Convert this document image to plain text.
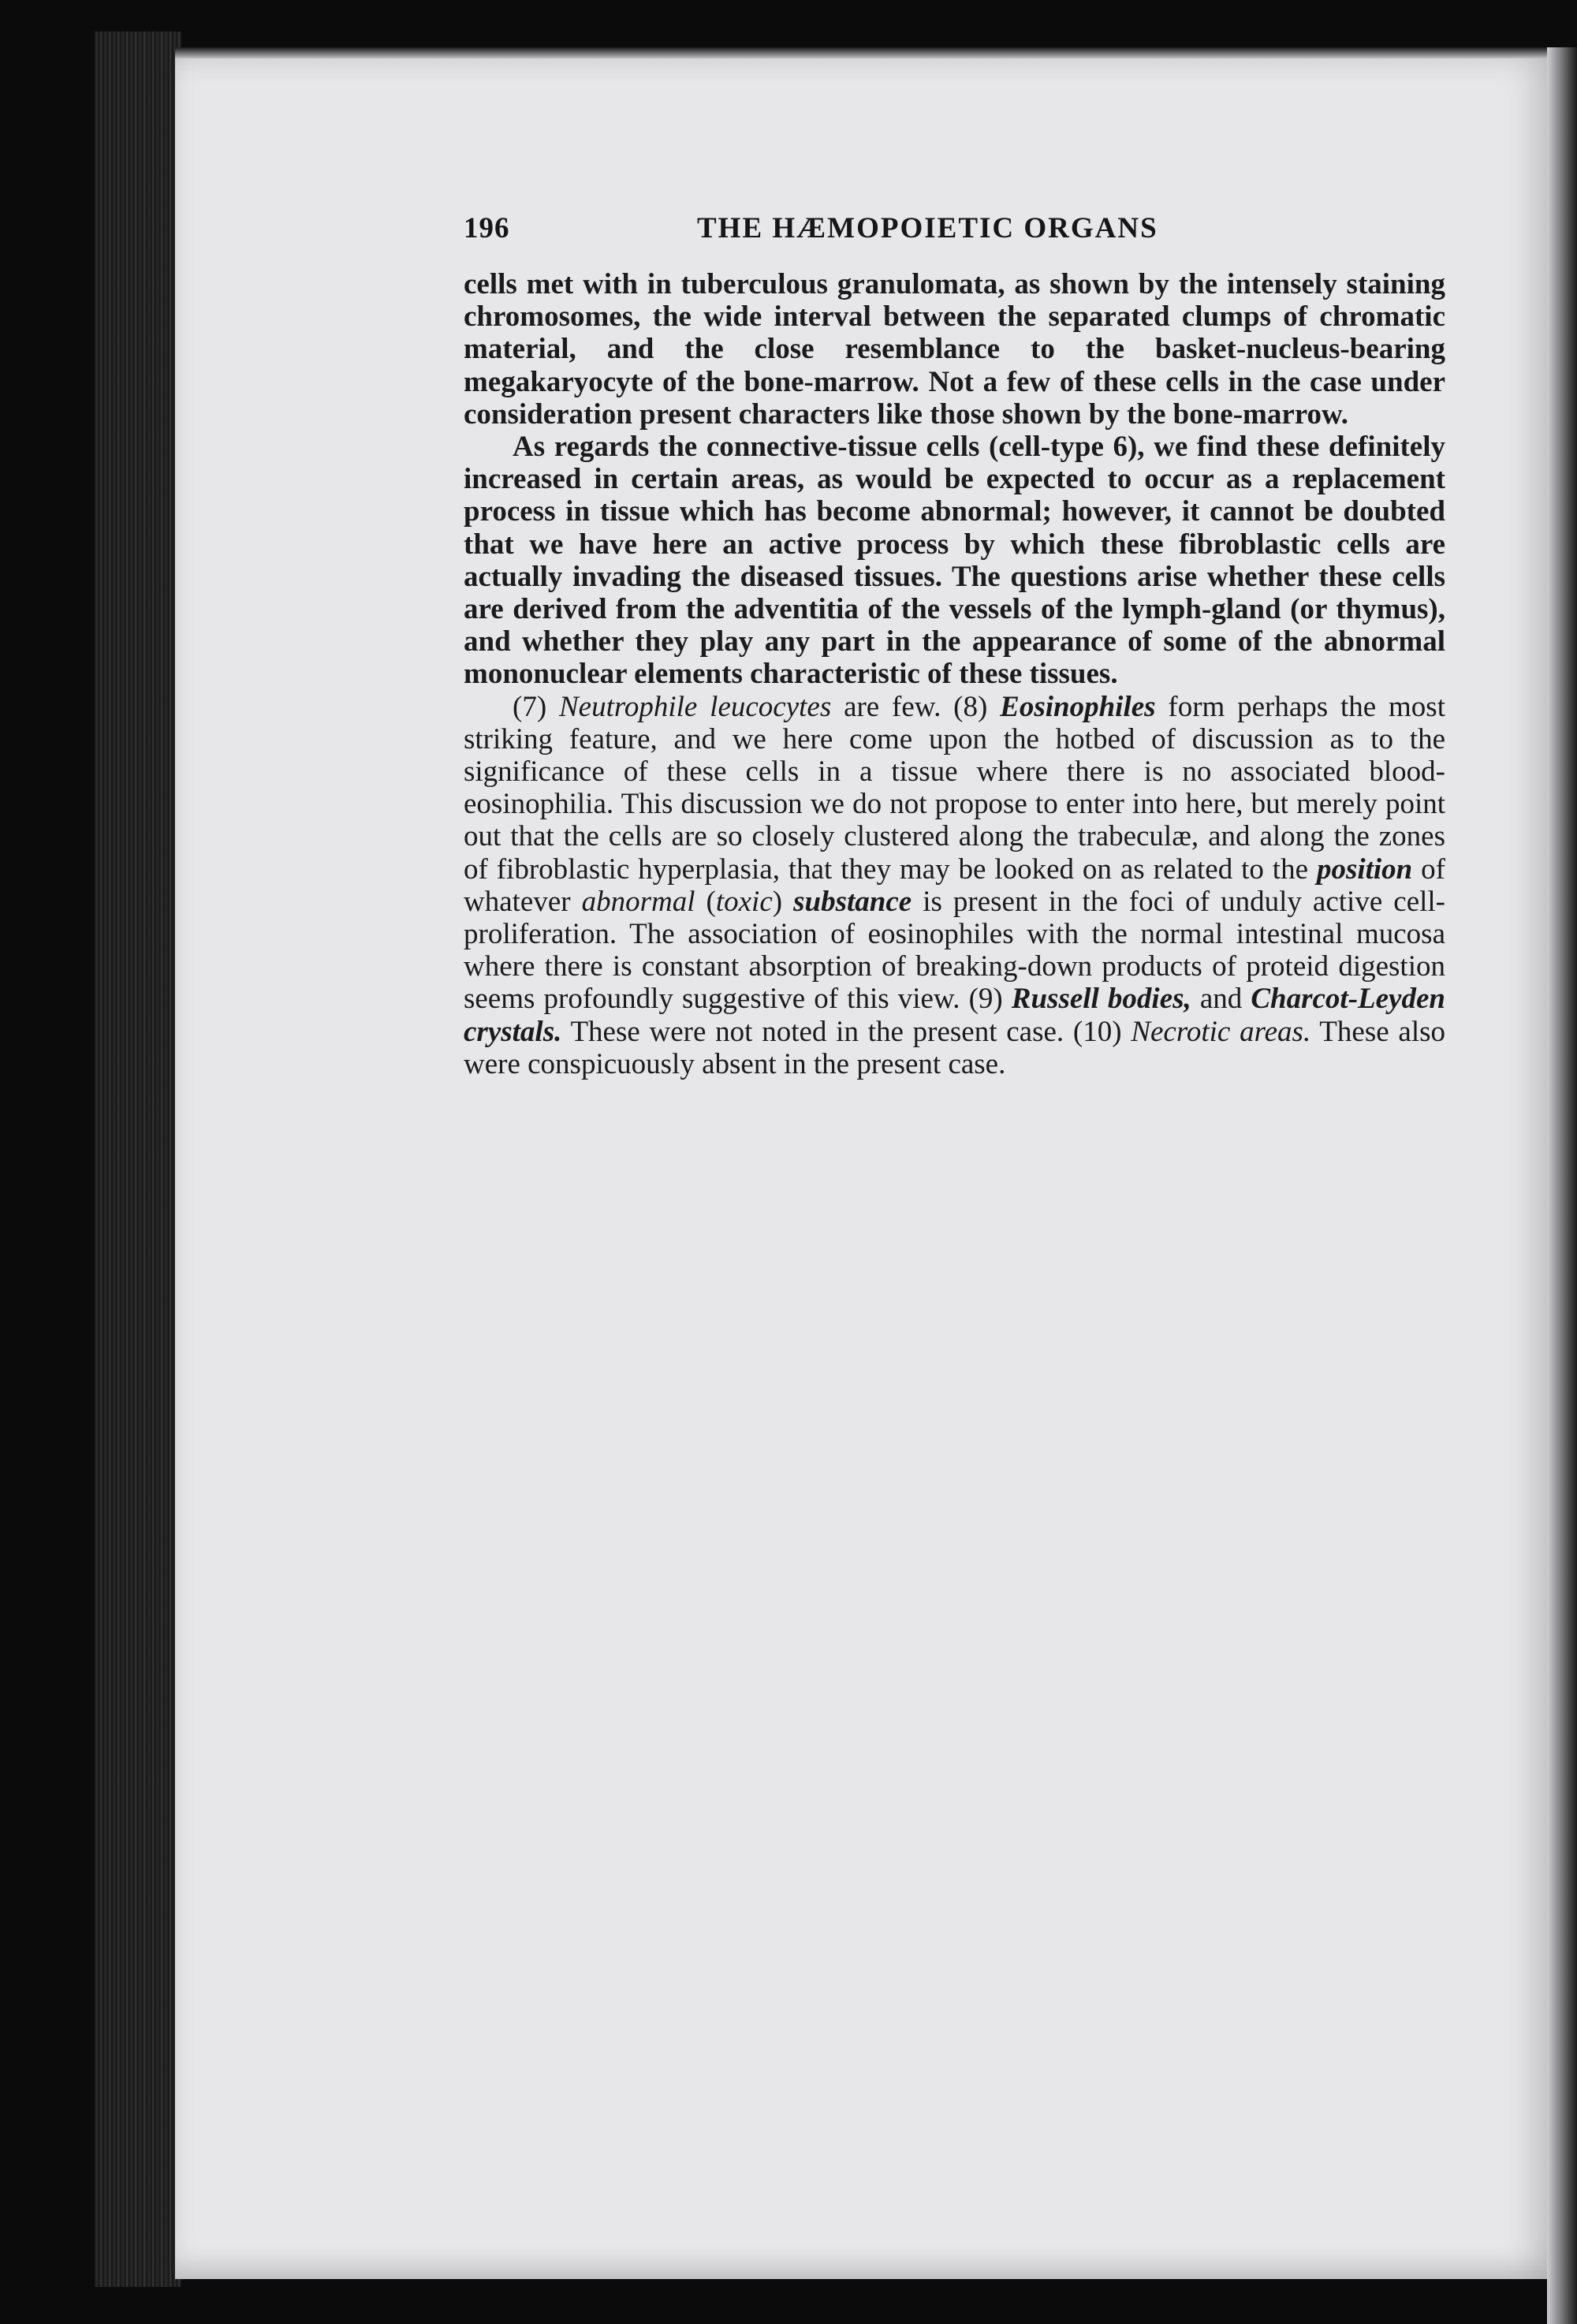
196	THE HÆMOPOIETIC ORGANS

cells met with in tuberculous granulomata, as shown by the intensely staining chromosomes, the wide interval between the separated clumps of chromatic material, and the close resemblance to the basket-nucleus-bearing megakaryocyte of the bone-marrow. Not a few of these cells in the case under consideration present characters like those shown by the bone-marrow.

As regards the connective-tissue cells (cell-type 6), we find these definitely increased in certain areas, as would be expected to occur as a replacement process in tissue which has become abnormal; however, it cannot be doubted that we have here an active process by which these fibroblastic cells are actually invading the diseased tissues. The questions arise whether these cells are derived from the adventitia of the vessels of the lymph-gland (or thymus), and whether they play any part in the appearance of some of the abnormal mononuclear elements characteristic of these tissues.

(7) Neutrophile leucocytes are few. (8) Eosinophiles form perhaps the most striking feature, and we here come upon the hotbed of discussion as to the significance of these cells in a tissue where there is no associated blood-eosinophilia. This discussion we do not propose to enter into here, but merely point out that the cells are so closely clustered along the trabeculæ, and along the zones of fibroblastic hyperplasia, that they may be looked on as related to the position of whatever abnormal (toxic) substance is present in the foci of unduly active cell-proliferation. The association of eosinophiles with the normal intestinal mucosa where there is constant absorption of breaking-down products of proteid digestion seems profoundly suggestive of this view. (9) Russell bodies, and Charcot-Leyden crystals. These were not noted in the present case. (10) Necrotic areas. These also were conspicuously absent in the present case.
